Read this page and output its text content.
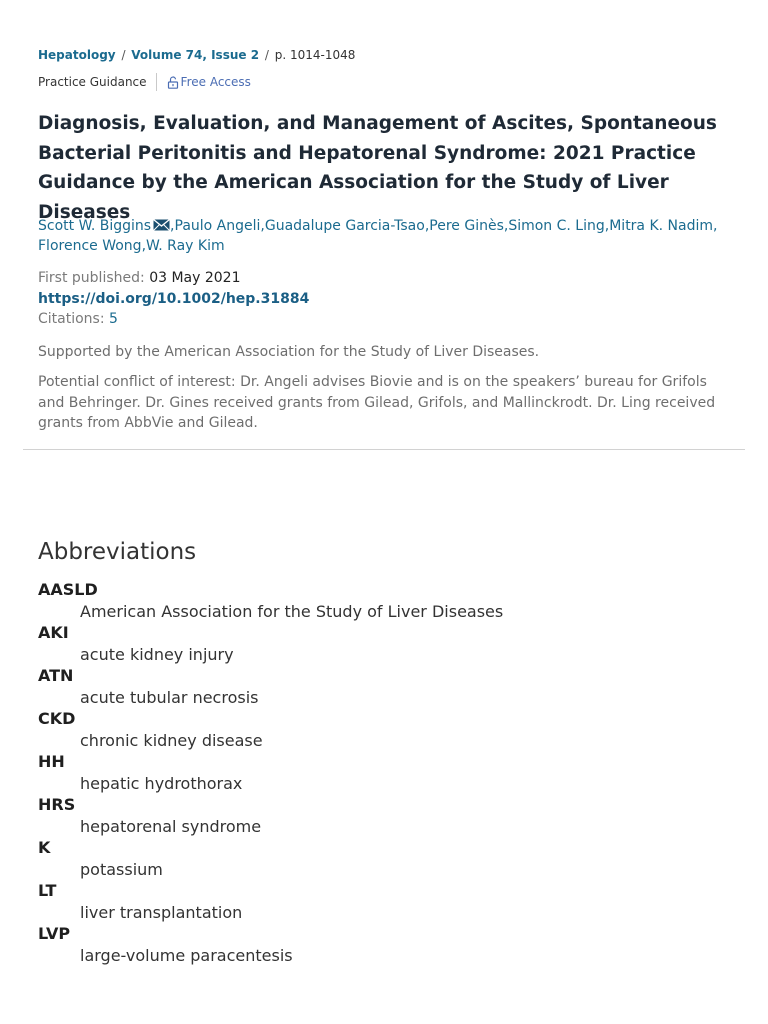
Hepatology / Volume 74, Issue 2 / p. 1014-1048
Practice Guidance	Free Access
Diagnosis, Evaluation, and Management of Ascites, Spontaneous Bacterial Peritonitis and Hepatorenal Syndrome: 2021 Practice Guidance by the American Association for the Study of Liver Diseases
Scott W. Biggins ,Paulo Angeli,Guadalupe Garcia-Tsao,Pere Ginès,Simon C. Ling,Mitra K. Nadim,
Florence Wong,W. Ray Kim
First published: 03 May 2021
https://doi.org/10.1002/hep.31884
Citations: 5

Supported by the American Association for the Study of Liver Diseases.

Potential conflict of interest: Dr. Angeli advises Biovie and is on the speakers’ bureau for Grifols and Behringer. Dr. Gines received grants from Gilead, Grifols, and Mallinckrodt. Dr. Ling received grants from AbbVie and Gilead.

Abbreviations
AASLD
American Association for the Study of Liver Diseases
AKI
acute kidney injury
ATN
acute tubular necrosis
CKD
chronic kidney disease
HH
hepatic hydrothorax
HRS
hepatorenal syndrome
K
potassium
LT
liver transplantation
LVP
large-volume paracentesis
